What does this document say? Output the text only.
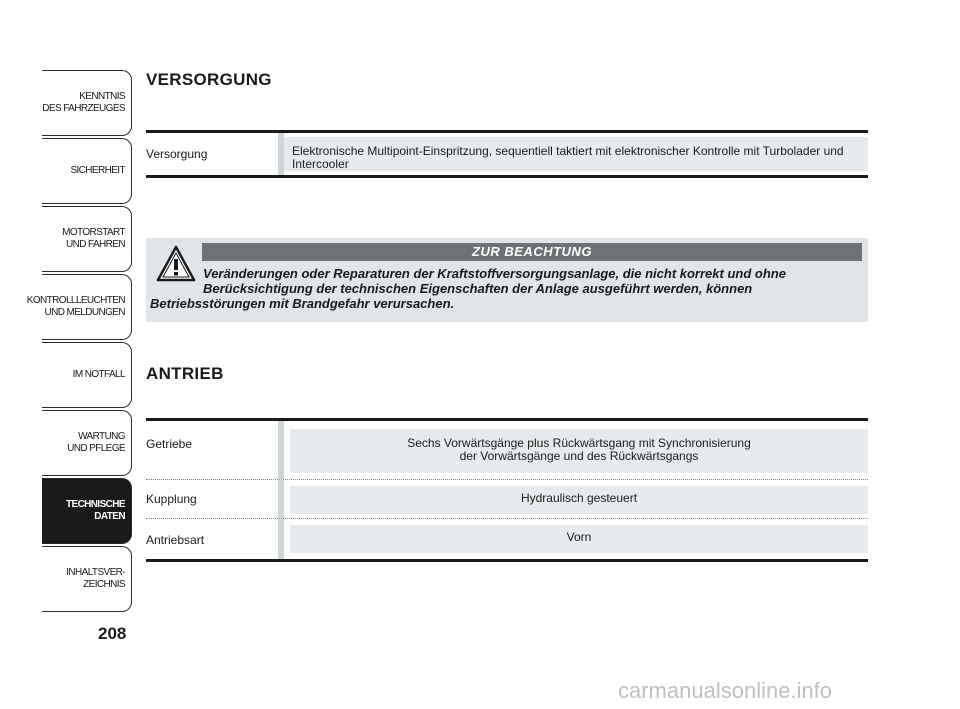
KENNTNIS
DES FAHRZEUGES
SICHERHEIT
MOTORSTART
UND FAHREN
KONTROLLLEUCHTEN
UND MELDUNGEN
IM NOTFALL
WARTUNG
UND PFLEGE
TECHNISCHE
DATEN
INHALTSVER-
ZEICHNIS
208
VERSORGUNG
Versorgung	Elektronische Multipoint-Einspritzung, sequentiell taktiert mit elektronischer Kontrolle mit Turbolader und Intercooler
ZUR BEACHTUNG
Veränderungen oder Reparaturen der Kraftstoffversorgungsanlage, die nicht korrekt und ohne
Berücksichtigung der technischen Eigenschaften der Anlage ausgeführt werden, können
Betriebsstörungen mit Brandgefahr verursachen.
ANTRIEB
Getriebe	Sechs Vorwärtsgänge plus Rückwärtsgang mit Synchronisierung
der Vorwärtsgänge und des Rückwärtsgangs
Kupplung	Hydraulisch gesteuert
Antriebsart	Vorn
carmanualsonline.info
